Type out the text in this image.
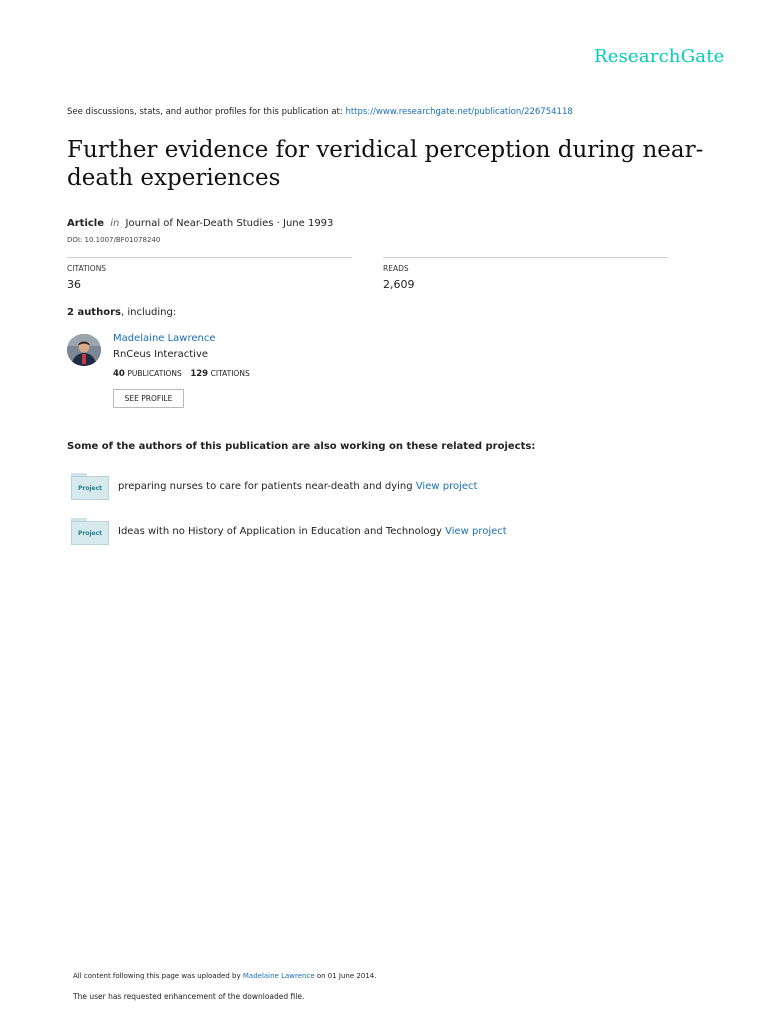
ResearchGate
See discussions, stats, and author profiles for this publication at: https://www.researchgate.net/publication/226754118
Further evidence for veridical perception during near-death experiences
Article in Journal of Near-Death Studies · June 1993
DOI: 10.1007/BF01078240
CITATIONS
36
READS
2,609
2 authors, including:
Madelaine Lawrence
RnCeus Interactive
40 PUBLICATIONS 129 CITATIONS
SEE PROFILE
Some of the authors of this publication are also working on these related projects:
Project	preparing nurses to care for patients near-death and dying View project
Project	Ideas with no History of Application in Education and Technology View project
All content following this page was uploaded by Madelaine Lawrence on 01 June 2014.
The user has requested enhancement of the downloaded file.
